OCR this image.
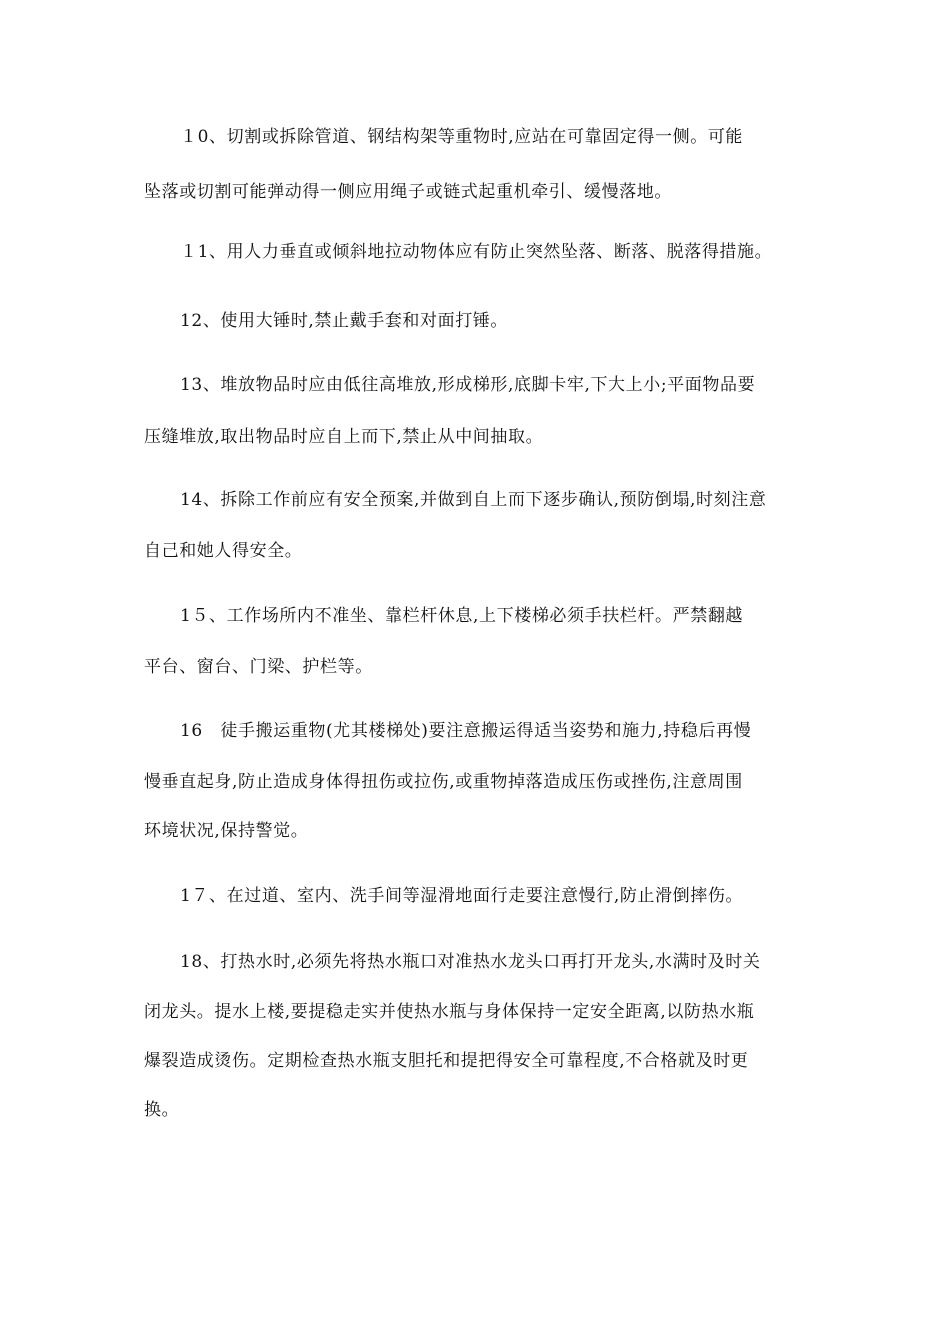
１0、切割或拆除管道、钢结构架等重物时,应站在可靠固定得一侧。可能
坠落或切割可能弹动得一侧应用绳子或链式起重机牵引、缓慢落地。
１1、用人力垂直或倾斜地拉动物体应有防止突然坠落、断落、脱落得措施。
12、使用大锤时,禁止戴手套和对面打锤。
13、堆放物品时应由低往高堆放,形成梯形,底脚卡牢,下大上小;平面物品要
压缝堆放,取出物品时应自上而下,禁止从中间抽取。
14、拆除工作前应有安全预案,并做到自上而下逐步确认,预防倒塌,时刻注意
自己和她人得安全。
1５、工作场所内不准坐、靠栏杆休息,上下楼梯必须手扶栏杆。严禁翻越
平台、窗台、门梁、护栏等。
16　徒手搬运重物(尤其楼梯处)要注意搬运得适当姿势和施力,持稳后再慢
慢垂直起身,防止造成身体得扭伤或拉伤,或重物掉落造成压伤或挫伤,注意周围
环境状况,保持警觉。
1７、在过道、室内、洗手间等湿滑地面行走要注意慢行,防止滑倒摔伤。
18、打热水时,必须先将热水瓶口对准热水龙头口再打开龙头,水满时及时关
闭龙头。提水上楼,要提稳走实并使热水瓶与身体保持一定安全距离,以防热水瓶
爆裂造成烫伤。定期检查热水瓶支胆托和提把得安全可靠程度,不合格就及时更
换。
